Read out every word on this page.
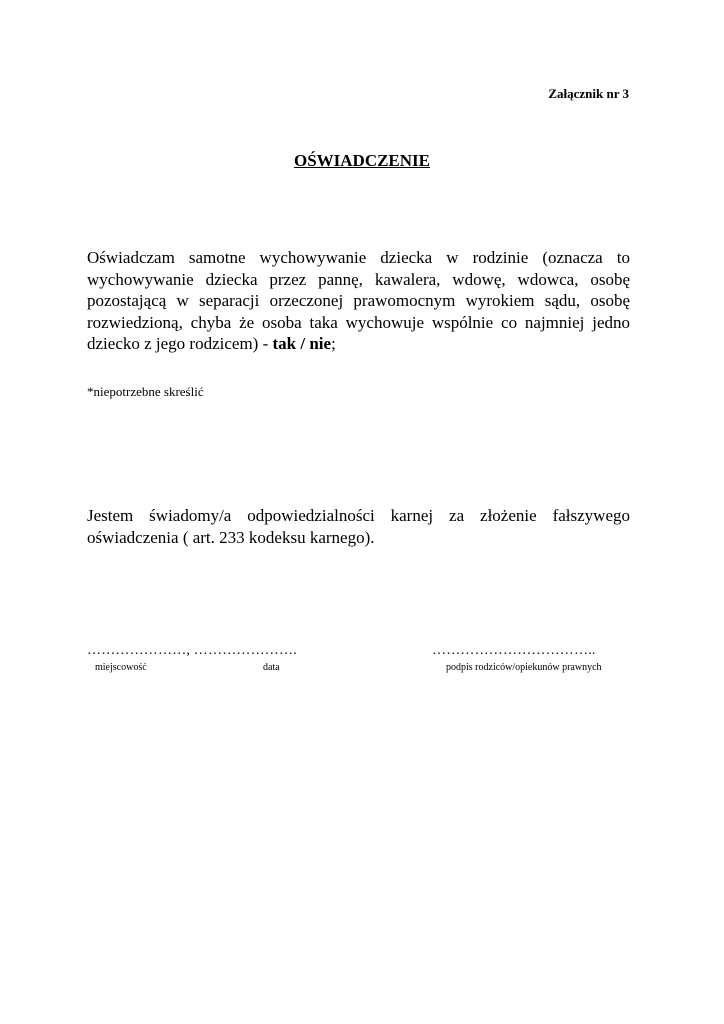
Załącznik nr 3
OŚWIADCZENIE
Oświadczam samotne wychowywanie dziecka w rodzinie (oznacza to wychowywanie dziecka przez pannę, kawalera, wdowę, wdowca, osobę pozostającą w separacji orzeczonej prawomocnym wyrokiem sądu, osobę rozwiedzioną, chyba że osoba taka wychowuje wspólnie co najmniej jedno dziecko z jego rodzicem) - tak / nie;
*niepotrzebne skreślić
Jestem świadomy/a odpowiedzialności karnej za złożenie fałszywego oświadczenia ( art. 233 kodeksu karnego).
…………………, ………………….	……………………………..
miejscowość	data	podpis rodziców/opiekunów prawnych
